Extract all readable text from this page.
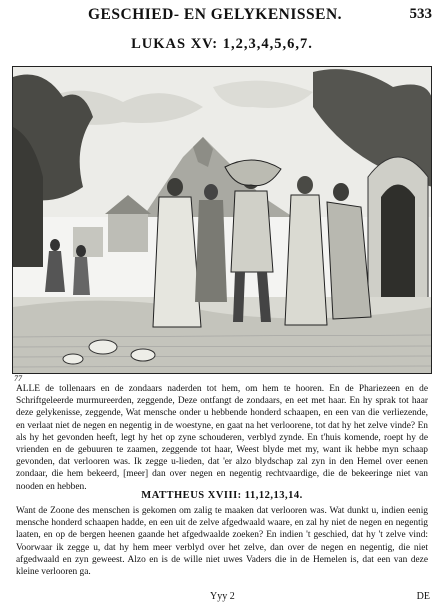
GESCHIED- EN GELYKENISSEN.	533
LUKAS XV: 1,2,3,4,5,6,7.
77
ALLE de tollenaars en de zondaars naderden tot hem, om hem te hooren. En de Phariezeen en de Schriftgeleerde murmureerden, zeggende, Deze ontfangt de zondaars, en eet met haar. En hy sprak tot haar deze gelykenisse, zeggende, Wat mensche onder u hebbende honderd schaapen, en een van die verliezende, en verlaat niet de negen en negentig in de woestyne, en gaat na het verloorene, tot dat hy het zelve vinde? En als hy het gevonden heeft, legt hy het op zyne schouderen, verblyd zynde. En t'huis komende, roept hy de vrienden en de gebuuren te zaamen, zeggende tot haar, Weest blyde met my, want ik hebbe myn schaap gevonden, dat verlooren was. Ik zegge u-lieden, dat 'er alzo blydschap zal zyn in den Hemel over eenen zondaar, die hem bekeerd, [meer] dan over negen en negentig rechtvaardige, die de bekeeringe niet van nooden en hebben.
MATTHEUS XVIII: 11,12,13,14.
Want de Zoone des menschen is gekomen om zalig te maaken dat verlooren was. Wat dunkt u, indien eenig mensche honderd schaapen hadde, en een uit de zelve afgedwaald waare, en zal hy niet de negen en negentig laaten, en op de bergen heenen gaande het afgedwaalde zoeken? En indien 't geschied, dat hy 't zelve vind: Voorwaar ik zegge u, dat hy hem meer verblyd over het zelve, dan over de negen en negentig, die niet afgedwaald en zyn geweest. Alzo en is de wille niet uwes Vaders die in de Hemelen is, dat een van deze kleine verlooren ga.
Yyy 2	DE
